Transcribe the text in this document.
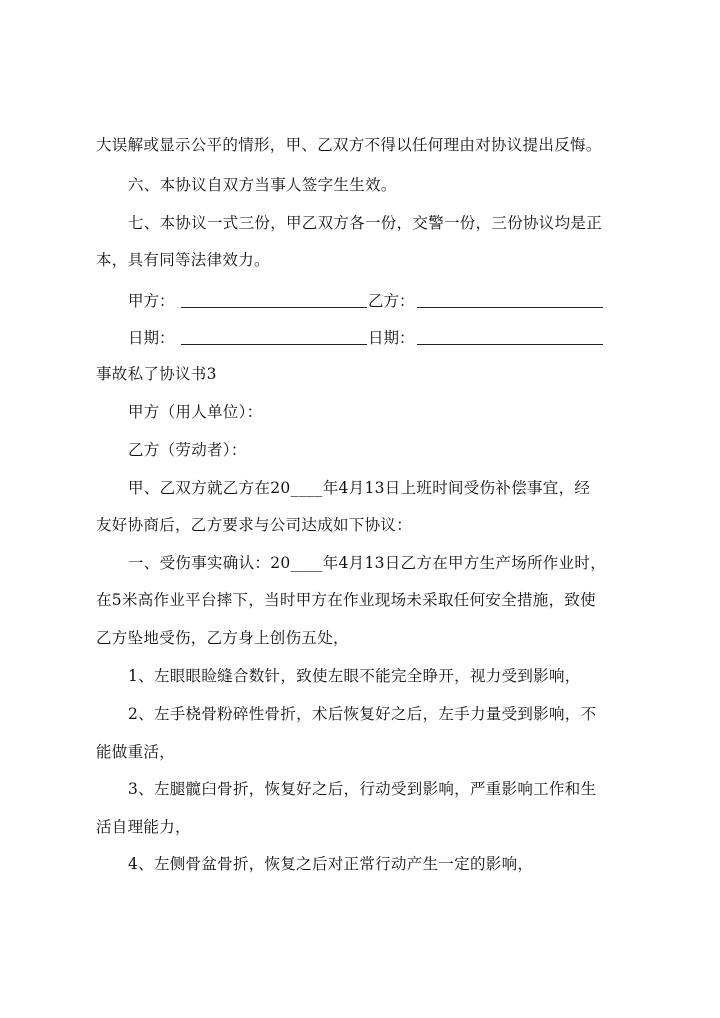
大误解或显示公平的情形，甲、乙双方不得以任何理由对协议提出反悔。
六、本协议自双方当事人签字生生效。
七、本协议一式三份，甲乙双方各一份，交警一份，三份协议均是正
本，具有同等法律效力。
甲方：	乙方：
日期：	日期：
事故私了协议书3
甲方（用人单位）：
乙方（劳动者）：
甲、乙双方就乙方在20____年4月13日上班时间受伤补偿事宜，经
友好协商后，乙方要求与公司达成如下协议：
一、受伤事实确认：20____年4月13日乙方在甲方生产场所作业时，
在5米高作业平台摔下，当时甲方在作业现场未采取任何安全措施，致使
乙方坠地受伤，乙方身上创伤五处，
1、左眼眼睑缝合数针，致使左眼不能完全睁开，视力受到影响，
2、左手桡骨粉碎性骨折，术后恢复好之后，左手力量受到影响，不
能做重活，
3、左腿髋臼骨折，恢复好之后，行动受到影响，严重影响工作和生
活自理能力，
4、左侧骨盆骨折，恢复之后对正常行动产生一定的影响，
